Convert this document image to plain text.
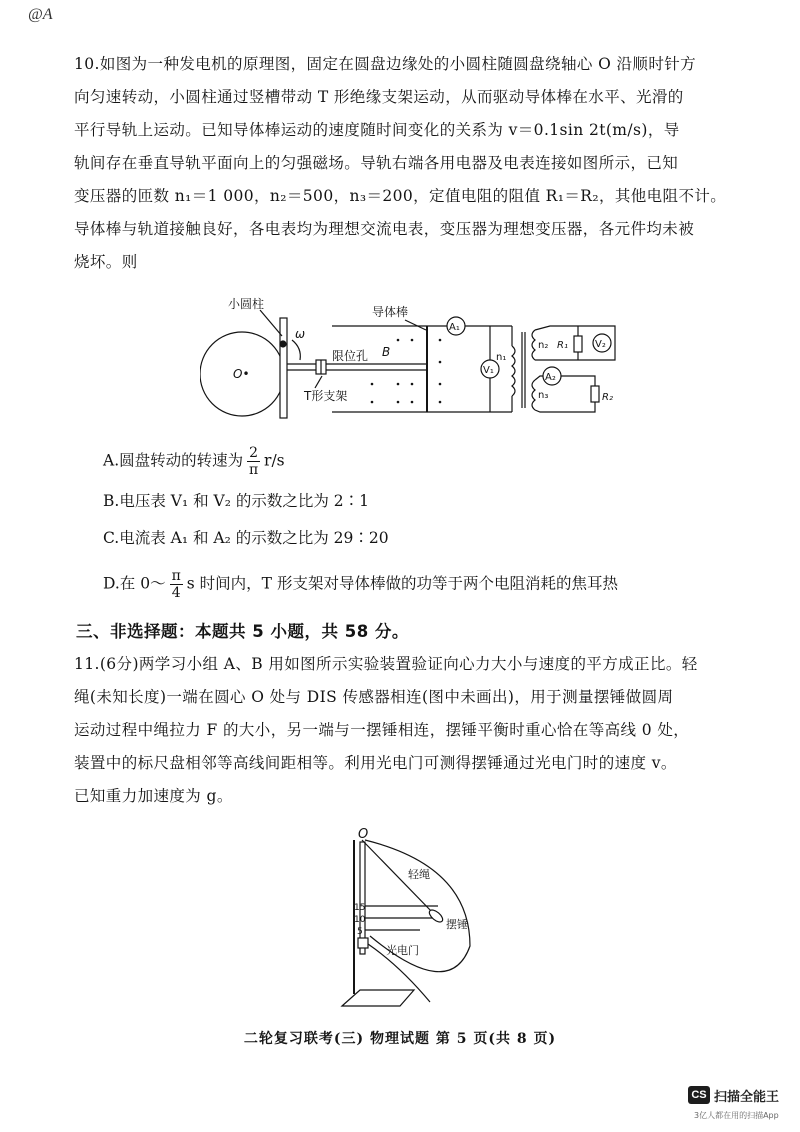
@A

10.如图为一种发电机的原理图，固定在圆盘边缘处的小圆柱随圆盘绕轴心 O 沿顺时针方

向匀速转动，小圆柱通过竖槽带动 T 形绝缘支架运动，从而驱动导体棒在水平、光滑的

平行导轨上运动。已知导体棒运动的速度随时间变化的关系为 v＝0.1sin 2t(m/s)，导

轨间存在垂直导轨平面向上的匀强磁场。导轨右端各用电器及电表连接如图所示，已知

变压器的匝数 n₁＝1 000，n₂＝500，n₃＝200，定值电阻的阻值 R₁＝R₂，其他电阻不计。

导体棒与轨道接触良好，各电表均为理想交流电表，变压器为理想变压器，各元件均未被

烧坏。则

O•
小圆柱
ω
限位孔
T形支架
导体棒
B
A₁
V₁
n₁
n₂ R₁	V₂
n₃
A₂
R₂
A.圆盘转动的转速为 $\frac{2}{\pi} r/s$
B.电压表 V₁ 和 V₂ 的示数之比为 2∶1
C.电流表 A₁ 和 A₂ 的示数之比为 29∶20
D.在 0～ $\frac{\pi}{4}$ s 时间内，T 形支架对导体棒做的功等于两个电阻消耗的焦耳热
三、非选择题：本题共 5 小题，共 58 分。

11.(6分)两学习小组 A、B 用如图所示实验装置验证向心力大小与速度的平方成正比。轻

绳(未知长度)一端在圆心 O 处与 DIS 传感器相连(图中未画出)，用于测量摆锤做圆周

运动过程中绳拉力 F 的大小，另一端与一摆锤相连，摆锤平衡时重心恰在等高线 0 处，

装置中的标尺盘相邻等高线间距相等。利用光电门可测得摆锤通过光电门时的速度 v。

已知重力加速度为 g。

O
15
10
5
轻绳
摆锤
光电门
二轮复习联考(三) 物理试题 第 5 页(共 8 页)
CS 扫描全能王
3亿人都在用的扫描App
